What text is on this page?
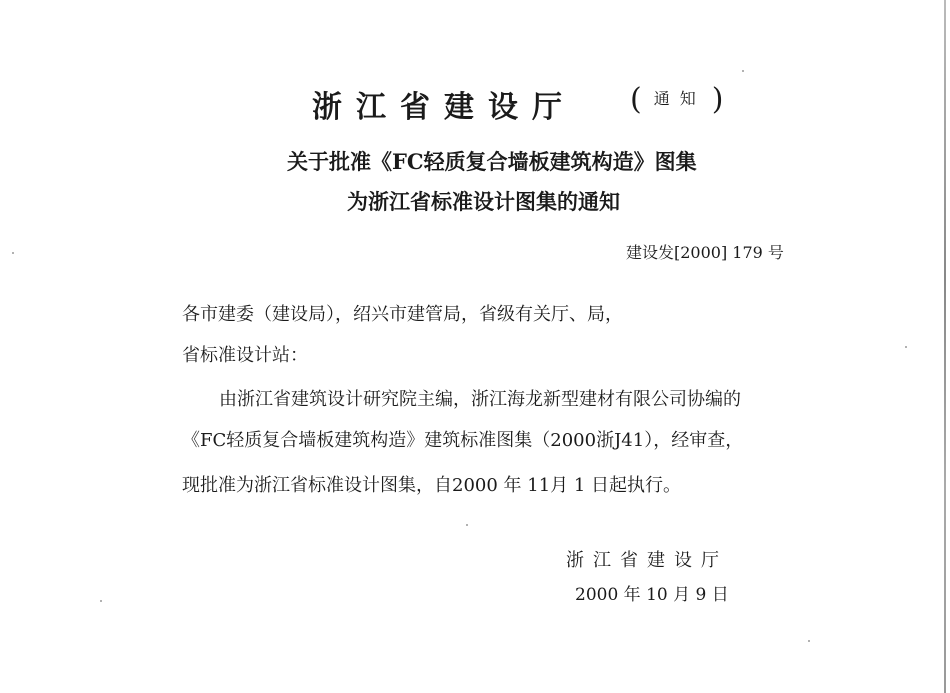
浙江省建设厅 ( 通知 )
关于批准《FC轻质复合墙板建筑构造》图集
为浙江省标准设计图集的通知
建设发[2000] 179 号
各市建委（建设局），绍兴市建管局，省级有关厅、局，
省标准设计站：
由浙江省建筑设计研究院主编，浙江海龙新型建材有限公司协编的
《FC轻质复合墙板建筑构造》建筑标准图集（2000浙J41），经审查，
现批准为浙江省标准设计图集，自2000 年 11月 1 日起执行。
浙江省建设厅
2000 年 10 月 9 日
